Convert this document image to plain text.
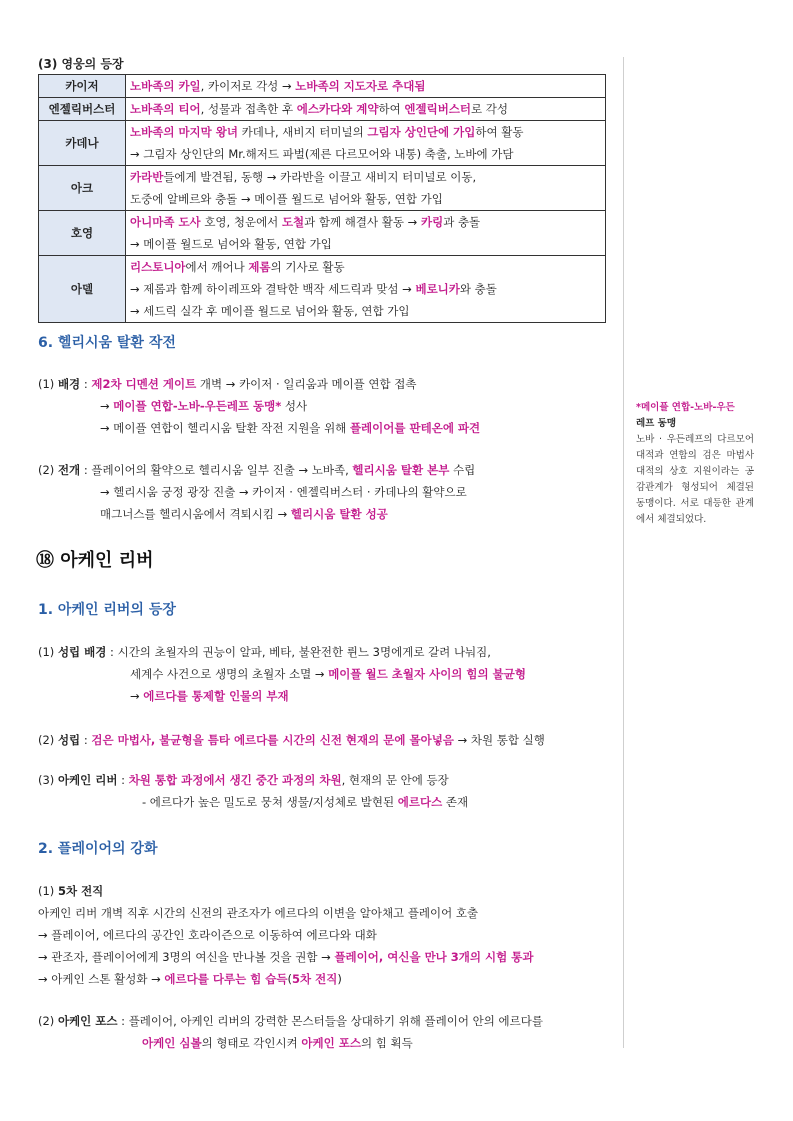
(3) 영웅의 등장
카이저	노바족의 카일, 카이저로 각성 → 노바족의 지도자로 추대됨

엔젤릭버스터	노바족의 티어, 성물과 접촉한 후 에스카다와 계약하여 엔젤릭버스터로 각성

카데나	노바족의 마지막 왕녀 카데나, 새비지 터미널의 그림자 상인단에 가입하여 활동
→ 그림자 상인단의 Mr.해저드 파벌(제른 다르모어와 내통) 축출, 노바에 가담

아크	카라반들에게 발견됨, 동행 → 카라반을 이끌고 새비지 터미널로 이동,
도중에 알베르와 충돌 → 메이플 월드로 넘어와 활동, 연합 가입

호영	아니마족 도사 호영, 청운에서 도철과 함께 해결사 활동 → 카링과 충돌
→ 메이플 월드로 넘어와 활동, 연합 가입

아델	리스토니아에서 깨어나 제롬의 기사로 활동
→ 제롬과 함께 하이레프와 결탁한 백작 세드릭과 맞섬 → 베로니카와 충돌
→ 세드릭 실각 후 메이플 월드로 넘어와 활동, 연합 가입
6. 헬리시움 탈환 작전
(1) 배경 : 제2차 디멘션 게이트 개벽 → 카이저 · 일리움과 메이플 연합 접촉
→ 메이플 연합-노바-우든레프 동맹* 성사
→ 메이플 연합이 헬리시움 탈환 작전 지원을 위해 플레이어를 판테온에 파견
(2) 전개 : 플레이어의 활약으로 헬리시움 일부 진출 → 노바족, 헬리시움 탈환 본부 수립
→ 헬리시움 궁정 광장 진출 → 카이저 · 엔젤릭버스터 · 카데나의 활약으로
매그너스를 헬리시움에서 격퇴시킴 → 헬리시움 탈환 성공
⑱ 아케인 리버
1. 아케인 리버의 등장
(1) 성립 배경 : 시간의 초월자의 권능이 알파, 베타, 불완전한 륀느 3명에게로 갈려 나눠짐,
세계수 사건으로 생명의 초월자 소멸 → 메이플 월드 초월자 사이의 힘의 불균형
→ 에르다를 통제할 인물의 부재
(2) 성립 : 검은 마법사, 불균형을 틈타 에르다를 시간의 신전 현재의 문에 몰아넣음 → 차원 통합 실행
(3) 아케인 리버 : 차원 통합 과정에서 생긴 중간 과정의 차원, 현재의 문 안에 등장
- 에르다가 높은 밀도로 뭉쳐 생물/지성체로 발현된 에르다스 존재
2. 플레이어의 강화
(1) 5차 전직
아케인 리버 개벽 직후 시간의 신전의 관조자가 에르다의 이변을 알아채고 플레이어 호출
→ 플레이어, 에르다의 공간인 호라이즌으로 이동하여 에르다와 대화
→ 관조자, 플레이어에게 3명의 여신을 만나볼 것을 권함 → 플레이어, 여신을 만나 3개의 시험 통과
→ 아케인 스톤 활성화 → 에르다를 다루는 힘 습득(5차 전직)
(2) 아케인 포스 : 플레이어, 아케인 리버의 강력한 몬스터들을 상대하기 위해 플레이어 안의 에르다를
아케인 심볼의 형태로 각인시켜 아케인 포스의 힘 획득
*메이플 연합-노바-우든
레프 동맹
노바 · 우든레프의 다르모어 대적과 연합의 검은 마법사 대적의 상호 지원이라는 공감관계가 형성되어 체결된 동맹이다. 서로 대등한 관계에서 체결되었다.
